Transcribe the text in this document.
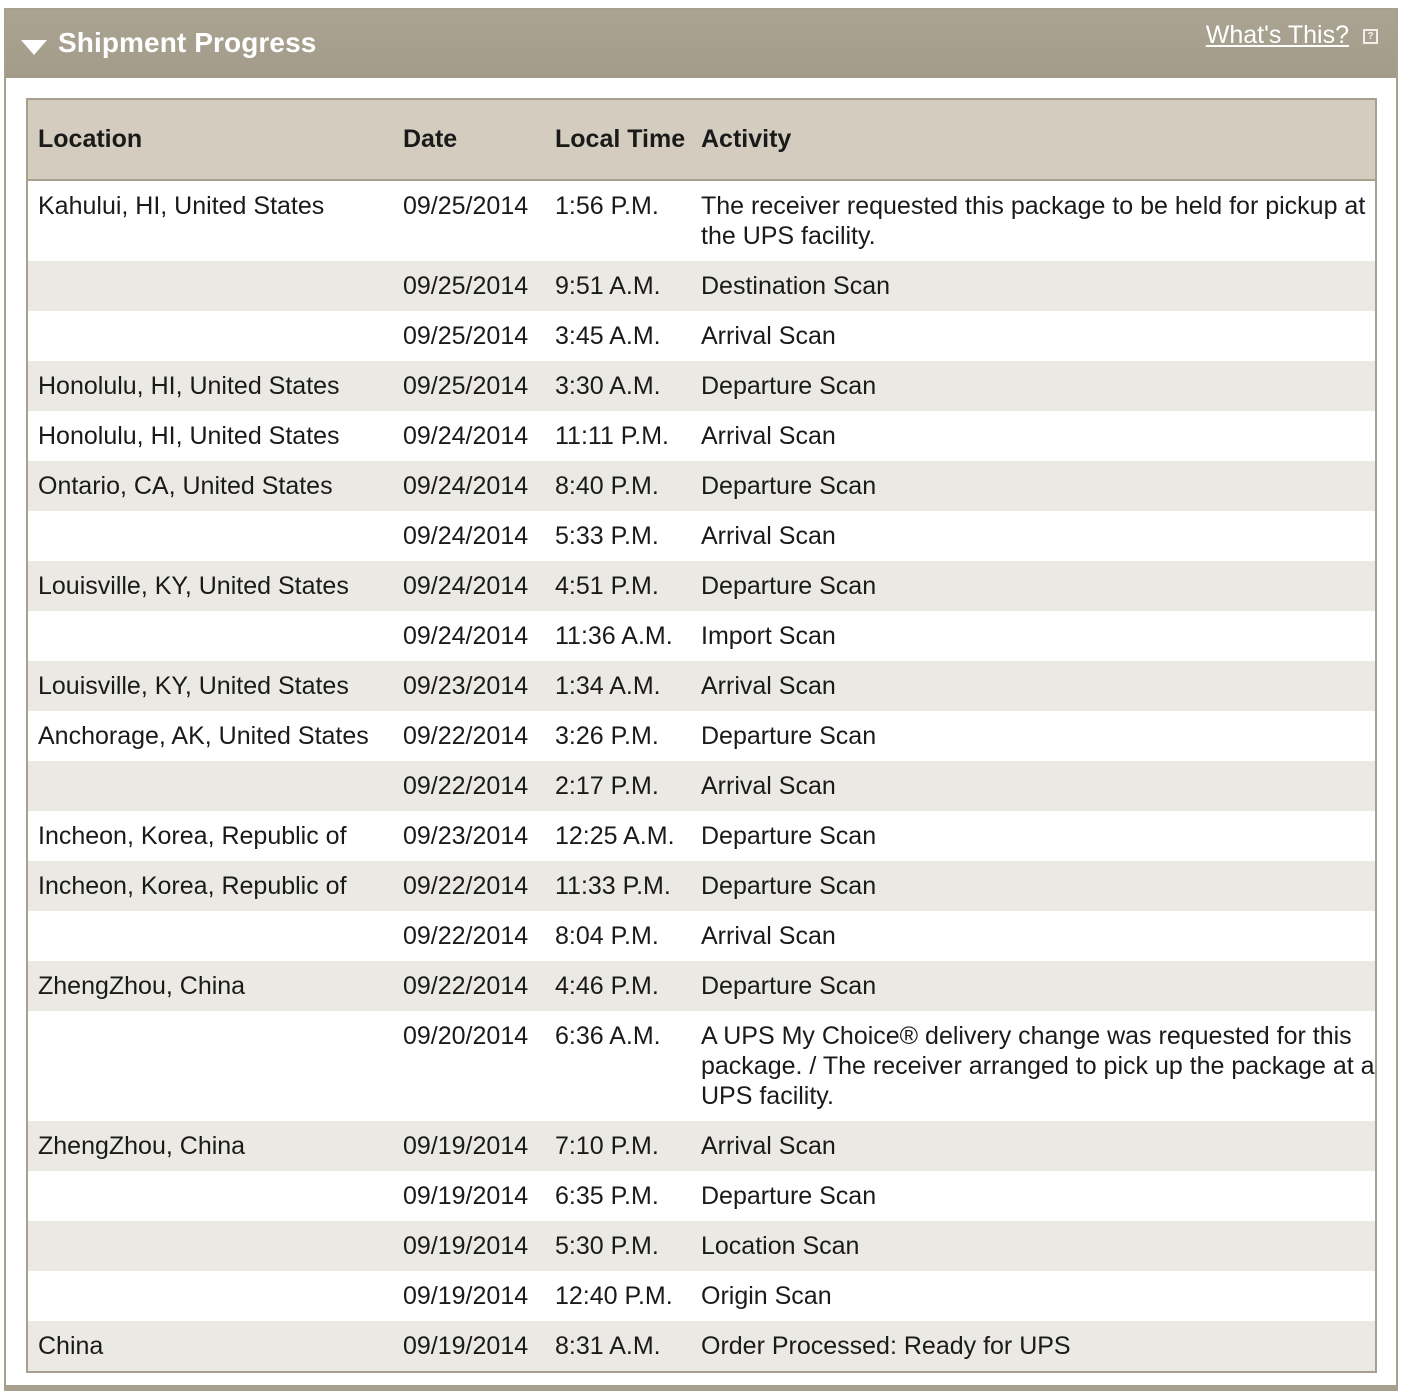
Shipment Progress	What's This?	?
Location	Date	Local Time	Activity
Kahului, HI, United States	09/25/2014	1:56 P.M.	The receiver requested this package to be held for pickup at the UPS facility.
	09/25/2014	9:51 A.M.	Destination Scan
	09/25/2014	3:45 A.M.	Arrival Scan
Honolulu, HI, United States	09/25/2014	3:30 A.M.	Departure Scan
Honolulu, HI, United States	09/24/2014	11:11 P.M.	Arrival Scan
Ontario, CA, United States	09/24/2014	8:40 P.M.	Departure Scan
	09/24/2014	5:33 P.M.	Arrival Scan
Louisville, KY, United States	09/24/2014	4:51 P.M.	Departure Scan
	09/24/2014	11:36 A.M.	Import Scan
Louisville, KY, United States	09/23/2014	1:34 A.M.	Arrival Scan
Anchorage, AK, United States	09/22/2014	3:26 P.M.	Departure Scan
	09/22/2014	2:17 P.M.	Arrival Scan
Incheon, Korea, Republic of	09/23/2014	12:25 A.M.	Departure Scan
Incheon, Korea, Republic of	09/22/2014	11:33 P.M.	Departure Scan
	09/22/2014	8:04 P.M.	Arrival Scan
ZhengZhou, China	09/22/2014	4:46 P.M.	Departure Scan
	09/20/2014	6:36 A.M.	A UPS My Choice® delivery change was requested for this package. / The receiver arranged to pick up the package at a UPS facility.
ZhengZhou, China	09/19/2014	7:10 P.M.	Arrival Scan
	09/19/2014	6:35 P.M.	Departure Scan
	09/19/2014	5:30 P.M.	Location Scan
	09/19/2014	12:40 P.M.	Origin Scan
China	09/19/2014	8:31 A.M.	Order Processed: Ready for UPS
